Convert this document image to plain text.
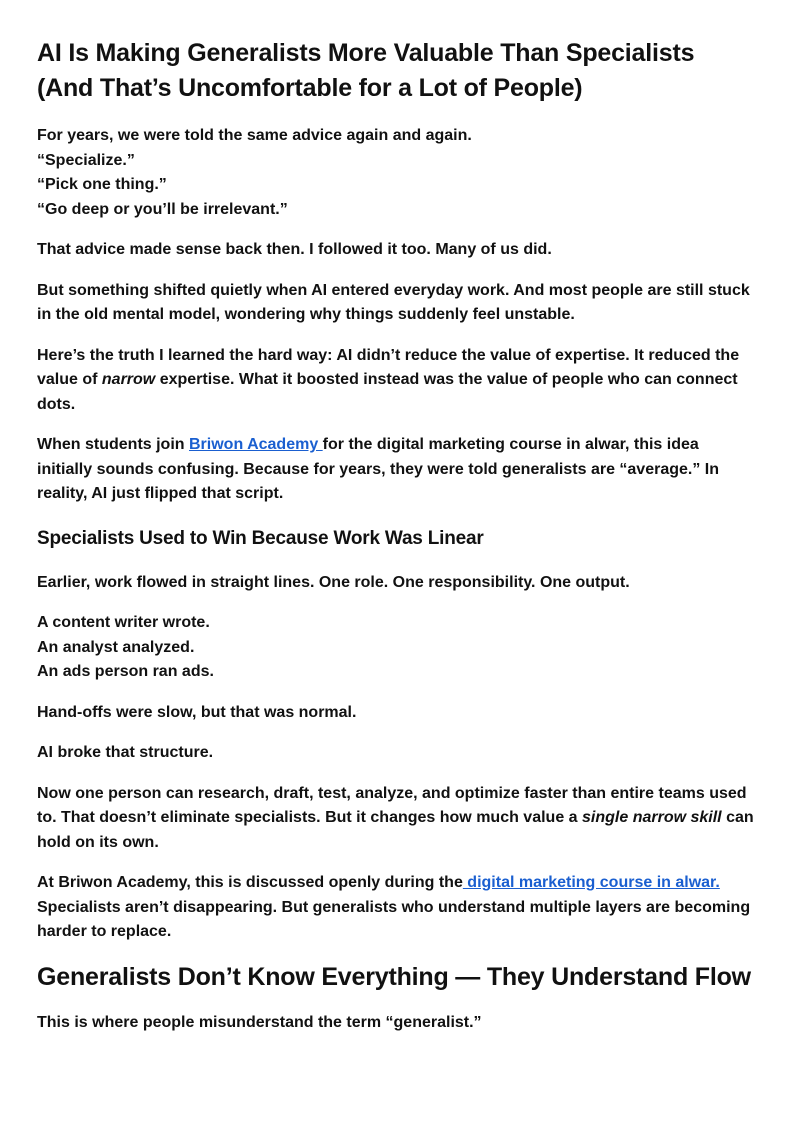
AI Is Making Generalists More Valuable Than Specialists (And That’s Uncomfortable for a Lot of People)

For years, we were told the same advice again and again.
“Specialize.”
“Pick one thing.”
“Go deep or you’ll be irrelevant.”

That advice made sense back then. I followed it too. Many of us did.

But something shifted quietly when AI entered everyday work. And most people are still stuck in the old mental model, wondering why things suddenly feel unstable.

Here’s the truth I learned the hard way: AI didn’t reduce the value of expertise. It reduced the value of narrow expertise. What it boosted instead was the value of people who can connect dots.

When students join Briwon Academy for the digital marketing course in alwar, this idea initially sounds confusing. Because for years, they were told generalists are “average.” In reality, AI just flipped that script.

Specialists Used to Win Because Work Was Linear

Earlier, work flowed in straight lines. One role. One responsibility. One output.

A content writer wrote.
An analyst analyzed.
An ads person ran ads.

Hand-offs were slow, but that was normal.

AI broke that structure.

Now one person can research, draft, test, analyze, and optimize faster than entire teams used to. That doesn’t eliminate specialists. But it changes how much value a single narrow skill can hold on its own.

At Briwon Academy, this is discussed openly during the digital marketing course in alwar. Specialists aren’t disappearing. But generalists who understand multiple layers are becoming harder to replace.

Generalists Don’t Know Everything — They Understand Flow

This is where people misunderstand the term “generalist.”
